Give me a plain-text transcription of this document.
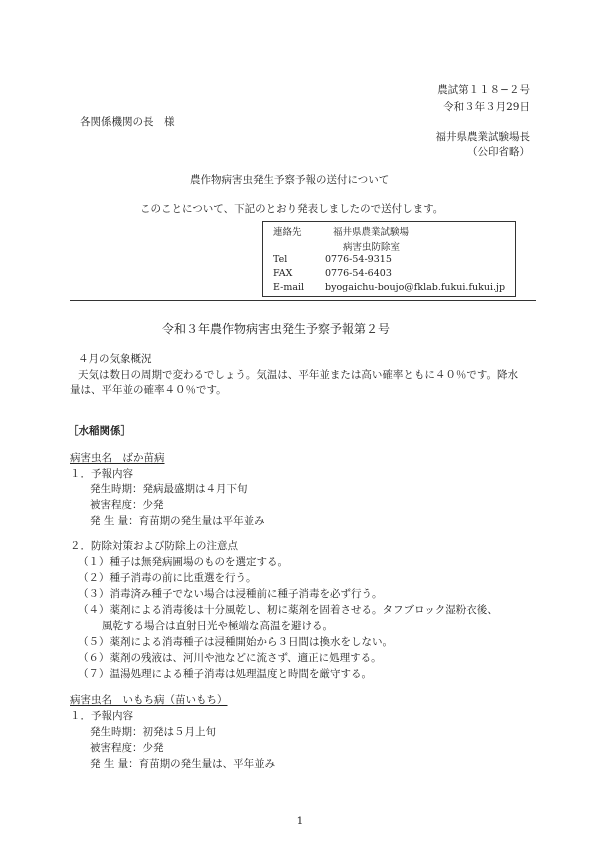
農試第１１８−２号
令和３年３月29日
各関係機関の長　様
福井県農業試験場長
（公印省略）
農作物病害虫発生予察予報の送付について
このことについて、下記のとおり発表しましたので送付します。
連絡先	福井県農業試験場
病害虫防除室
Tel	0776-54-9315
FAX	0776-54-6403
E-mail byogaichu-boujo@fklab.fukui.fukui.jp
令和３年農作物病害虫発生予察予報第２号
４月の気象概況
天気は数日の周期で変わるでしょう。気温は、平年並または高い確率ともに４０％です。降水
量は、平年並の確率４０％です。
［水稲関係］
病害虫名　ばか苗病
１．予報内容
発生時期：発病最盛期は４月下旬
被害程度：少発
発 生 量：育苗期の発生量は平年並み
２．防除対策および防除上の注意点
（１）種子は無発病圃場のものを選定する。
（２）種子消毒の前に比重選を行う。
（３）消毒済み種子でない場合は浸種前に種子消毒を必ず行う。
（４）薬剤による消毒後は十分風乾し、籾に薬剤を固着させる。タフブロック湿粉衣後、
風乾する場合は直射日光や極端な高温を避ける。
（５）薬剤による消毒種子は浸種開始から３日間は換水をしない。
（６）薬剤の残液は、河川や池などに流さず、適正に処理する。
（７）温湯処理による種子消毒は処理温度と時間を厳守する。
病害虫名　いもち病（苗いもち）
１．予報内容
発生時期：初発は５月上旬
被害程度：少発
発 生 量：育苗期の発生量は、平年並み
1
